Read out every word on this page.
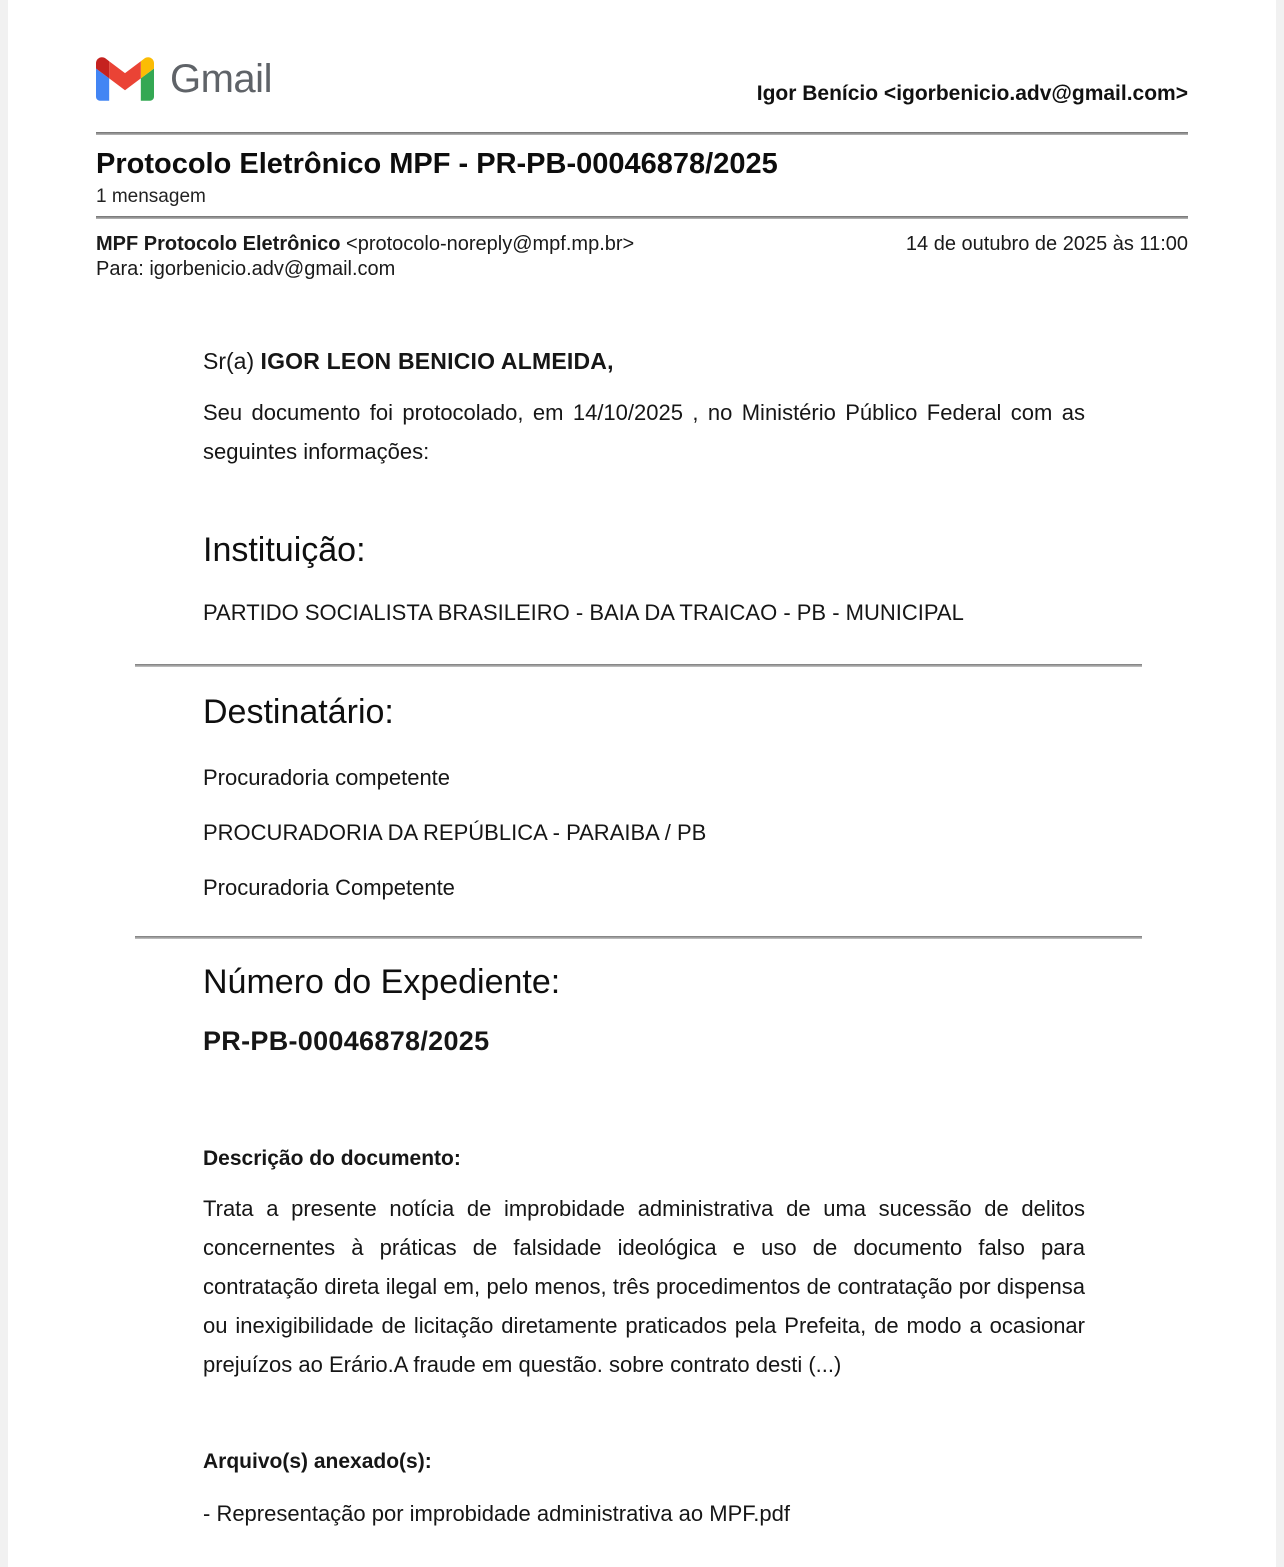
Gmail	Igor Benício <igorbenicio.adv@gmail.com>
Protocolo Eletrônico MPF - PR-PB-00046878/2025
1 mensagem
MPF Protocolo Eletrônico <protocolo-noreply@mpf.mp.br>	14 de outubro de 2025 às 11:00
Para: igorbenicio.adv@gmail.com
Sr(a) IGOR LEON BENICIO ALMEIDA,

Seu documento foi protocolado, em 14/10/2025 , no Ministério Público Federal com as seguintes informações:

Instituição:
PARTIDO SOCIALISTA BRASILEIRO - BAIA DA TRAICAO - PB - MUNICIPAL
Destinatário:
Procuradoria competente
PROCURADORIA DA REPÚBLICA - PARAIBA / PB
Procuradoria Competente
Número do Expediente:
PR-PB-00046878/2025
Descrição do documento:

Trata a presente notícia de improbidade administrativa de uma sucessão de delitos concernentes à práticas de falsidade ideológica e uso de documento falso para contratação direta ilegal em, pelo menos, três procedimentos de contratação por dispensa ou inexigibilidade de licitação diretamente praticados pela Prefeita, de modo a ocasionar prejuízos ao Erário.A fraude em questão. sobre contrato desti (...)

Arquivo(s) anexado(s):
- Representação por improbidade administrativa ao MPF.pdf
